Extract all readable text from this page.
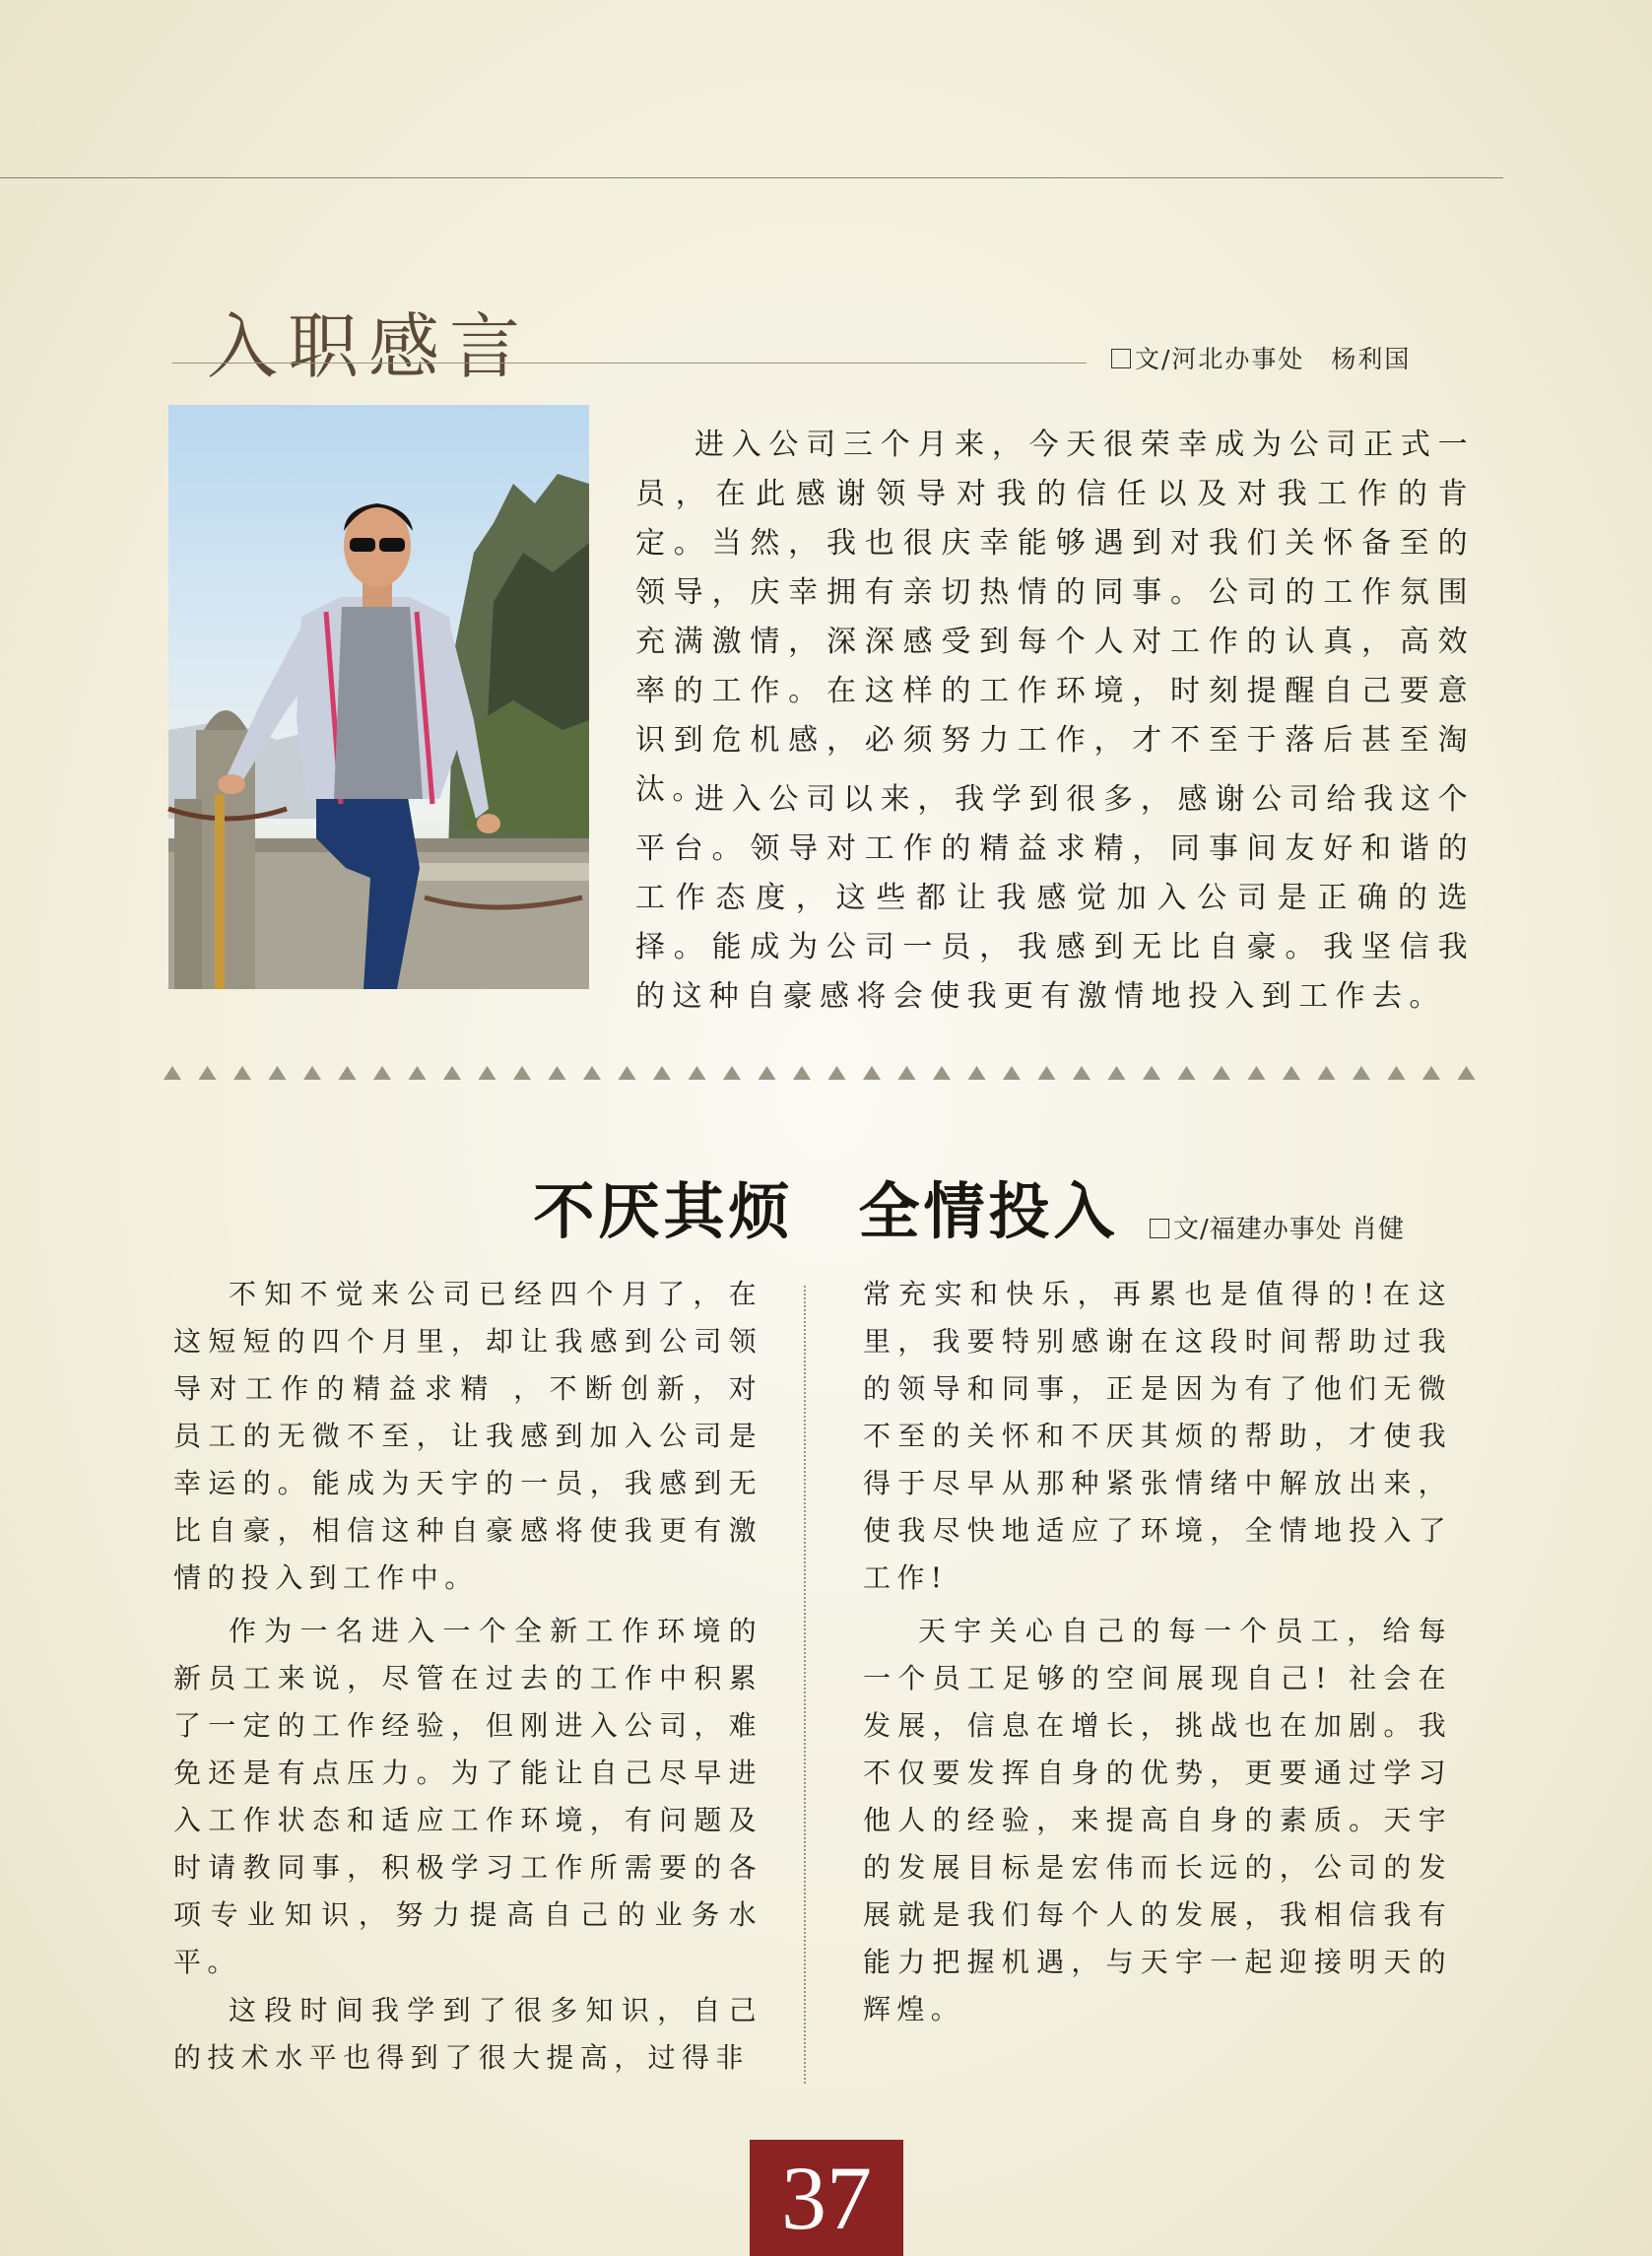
入职感言	文/河北办事处　杨利国

进入公司三个月来，今天很荣幸成为公司正式一员，在此感谢领导对我的信任以及对我工作的肯定。当然，我也很庆幸能够遇到对我们关怀备至的领导，庆幸拥有亲切热情的同事。公司的工作氛围充满激情，深深感受到每个人对工作的认真，高效率的工作。在这样的工作环境，时刻提醒自己要意识到危机感，必须努力工作，才不至于落后甚至淘汰。

进入公司以来，我学到很多，感谢公司给我这个平台。领导对工作的精益求精，同事间友好和谐的工作态度，这些都让我感觉加入公司是正确的选择。能成为公司一员，我感到无比自豪。我坚信我的这种自豪感将会使我更有激情地投入到工作去。

不厌其烦　全情投入	文/福建办事处 肖健

不知不觉来公司已经四个月了，在这短短的四个月里，却让我感到公司领导对工作的精益求精 ，不断创新，对员工的无微不至，让我感到加入公司是幸运的。能成为天宇的一员，我感到无比自豪，相信这种自豪感将使我更有激情的投入到工作中。

作为一名进入一个全新工作环境的新员工来说，尽管在过去的工作中积累了一定的工作经验，但刚进入公司，难免还是有点压力。为了能让自己尽早进入工作状态和适应工作环境，有问题及时请教同事，积极学习工作所需要的各项专业知识，努力提高自己的业务水平。

这段时间我学到了很多知识，自己的技术水平也得到了很大提高，过得非

常充实和快乐，再累也是值得的!在这里，我要特别感谢在这段时间帮助过我的领导和同事，正是因为有了他们无微不至的关怀和不厌其烦的帮助，才使我得于尽早从那种紧张情绪中解放出来，使我尽快地适应了环境，全情地投入了工作!

天宇关心自己的每一个员工，给每一个员工足够的空间展现自己! 社会在发展，信息在增长，挑战也在加剧。我不仅要发挥自身的优势，更要通过学习他人的经验，来提高自身的素质。天宇的发展目标是宏伟而长远的，公司的发展就是我们每个人的发展，我相信我有能力把握机遇，与天宇一起迎接明天的辉煌。

37
